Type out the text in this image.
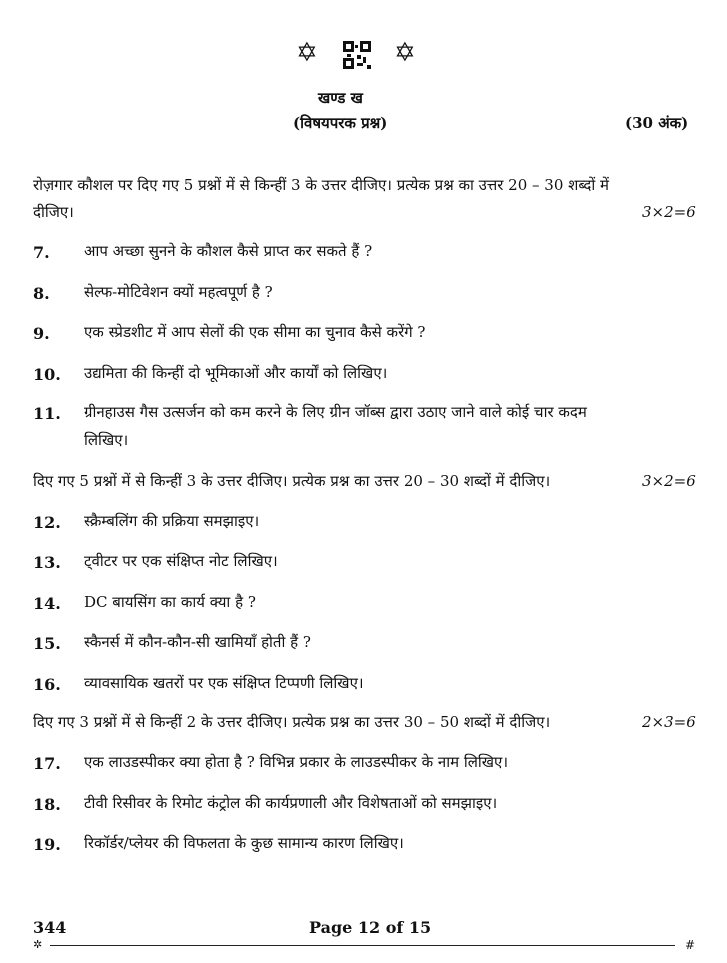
✡	✡
खण्ड ख
(विषयपरक प्रश्न)	(30 अंक)
रोज़गार कौशल पर दिए गए 5 प्रश्नों में से किन्हीं 3 के उत्तर दीजिए। प्रत्येक प्रश्न का उत्तर 20 – 30 शब्दों में
दीजिए।	3×2=6
7. आप अच्छा सुनने के कौशल कैसे प्राप्त कर सकते हैं ?
8. सेल्फ-मोटिवेशन क्यों महत्वपूर्ण है ?
9. एक स्प्रेडशीट में आप सेलों की एक सीमा का चुनाव कैसे करेंगे ?
10. उद्यमिता की किन्हीं दो भूमिकाओं और कार्यों को लिखिए।
11. ग्रीनहाउस गैस उत्सर्जन को कम करने के लिए ग्रीन जॉब्स द्वारा उठाए जाने वाले कोई चार कदम
लिखिए।
दिए गए 5 प्रश्नों में से किन्हीं 3 के उत्तर दीजिए। प्रत्येक प्रश्न का उत्तर 20 – 30 शब्दों में दीजिए।	3×2=6
12. स्क्रैम्बलिंग की प्रक्रिया समझाइए।
13. ट्वीटर पर एक संक्षिप्त नोट लिखिए।
14. DC बायसिंग का कार्य क्या है ?
15. स्कैनर्स में कौन-कौन-सी खामियाँ होती हैं ?
16. व्यावसायिक खतरों पर एक संक्षिप्त टिप्पणी लिखिए।
दिए गए 3 प्रश्नों में से किन्हीं 2 के उत्तर दीजिए। प्रत्येक प्रश्न का उत्तर 30 – 50 शब्दों में दीजिए।	2×3=6
17. एक लाउडस्पीकर क्या होता है ? विभिन्न प्रकार के लाउडस्पीकर के नाम लिखिए।
18. टीवी रिसीवर के रिमोट कंट्रोल की कार्यप्रणाली और विशेषताओं को समझाइए।
19. रिकॉर्डर/प्लेयर की विफलता के कुछ सामान्य कारण लिखिए।
344	Page 12 of 15
✲	#
